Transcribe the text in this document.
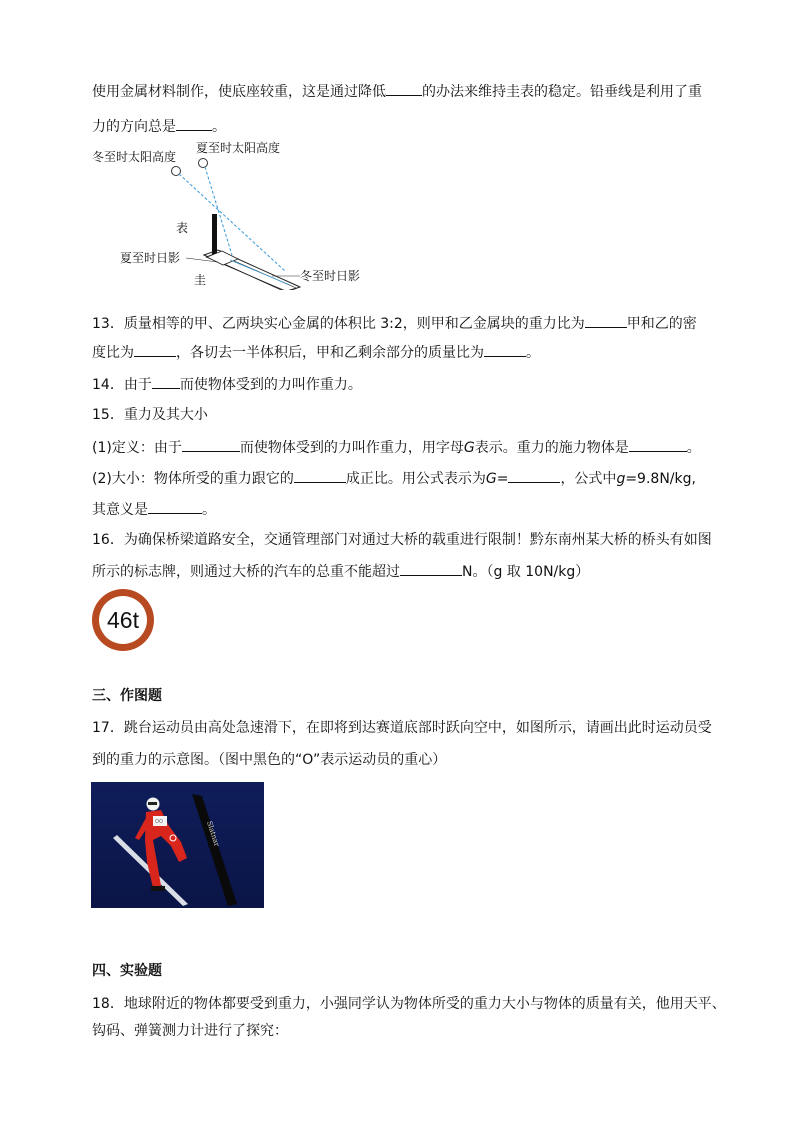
使用金属材料制作，使底座较重，这是通过降低	的办法来维持圭表的稳定。铅垂线是利用了重
力的方向总是	。
冬至时太阳高度
夏至时太阳高度
表
夏至时日影
圭	冬至时日影
13．质量相等的甲、乙两块实心金属的体积比 3:2，则甲和乙金属块的重力比为	甲和乙的密
度比为	，各切去一半体积后，甲和乙剩余部分的质量比为	。
14．由于 而使物体受到的力叫作重力。
15．重力及其大小
(1)定义：由于	而使物体受到的力叫作重力，用字母G表示。重力的施力物体是	。
(2)大小：物体所受的重力跟它的	成正比。用公式表示为G=	，公式中g=9.8N/kg,
其意义是	。
16．为确保桥梁道路安全，交通管理部门对通过大桥的载重进行限制！黔东南州某大桥的桥头有如图
所示的标志牌，则通过大桥的汽车的总重不能超过	N。（g 取 10N/kg）
46t
三、作图题
17．跳台运动员由高处急速滑下，在即将到达赛道底部时跃向空中，如图所示，请画出此时运动员受
到的重力的示意图。（图中黑色的“O”表示运动员的重心）
Slatnar
四、实验题
18．地球附近的物体都要受到重力，小强同学认为物体所受的重力大小与物体的质量有关，他用天平、
钩码、弹簧测力计进行了探究：
